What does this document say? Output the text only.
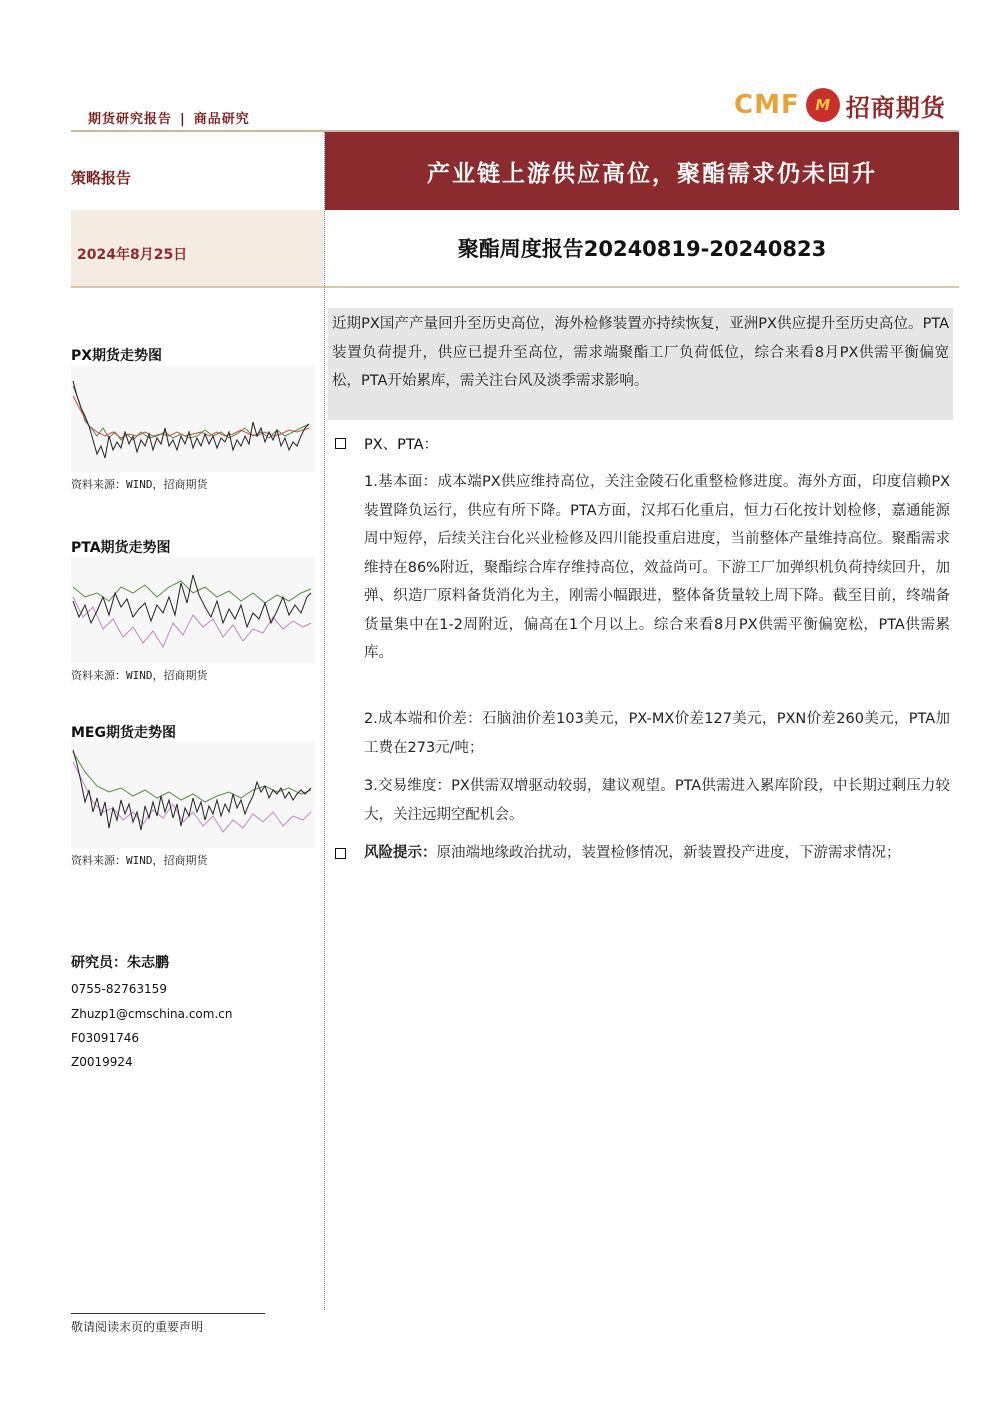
期货研究报告 | 商品研究	CMF	M 招商期货
策略报告	产业链上游供应高位，聚酯需求仍未回升
2024年8月25日	聚酯周度报告20240819-20240823
PX期货走势图
资料来源：WIND，招商期货
PTA期货走势图
资料来源：WIND，招商期货
MEG期货走势图
资料来源：WIND，招商期货
研究员：朱志鹏
0755-82763159
Zhuzp1@cmschina.com.cn
F03091746
Z0019924
近期PX国产产量回升至历史高位，海外检修装置亦持续恢复，亚洲PX供应提升至历史高位。PTA装置负荷提升，供应已提升至高位，需求端聚酯工厂负荷低位，综合来看8月PX供需平衡偏宽松，PTA开始累库，需关注台风及淡季需求影响。
PX、PTA：
1.基本面：成本端PX供应维持高位，关注金陵石化重整检修进度。海外方面，印度信赖PX装置降负运行，供应有所下降。PTA方面，汉邦石化重启，恒力石化按计划检修，嘉通能源周中短停，后续关注台化兴业检修及四川能投重启进度，当前整体产量维持高位。聚酯需求维持在86%附近，聚酯综合库存维持高位，效益尚可。下游工厂加弹织机负荷持续回升，加弹、织造厂原料备货消化为主，刚需小幅跟进，整体备货量较上周下降。截至目前，终端备货量集中在1-2周附近，偏高在1个月以上。综合来看8月PX供需平衡偏宽松，PTA供需累库。
2.成本端和价差：石脑油价差103美元，PX-MX价差127美元，PXN价差260美元，PTA加工费在273元/吨；
3.交易维度：PX供需双增驱动较弱，建议观望。PTA供需进入累库阶段，中长期过剩压力较大，关注远期空配机会。
风险提示：原油端地缘政治扰动，装置检修情况，新装置投产进度，下游需求情况；
敬请阅读末页的重要声明
